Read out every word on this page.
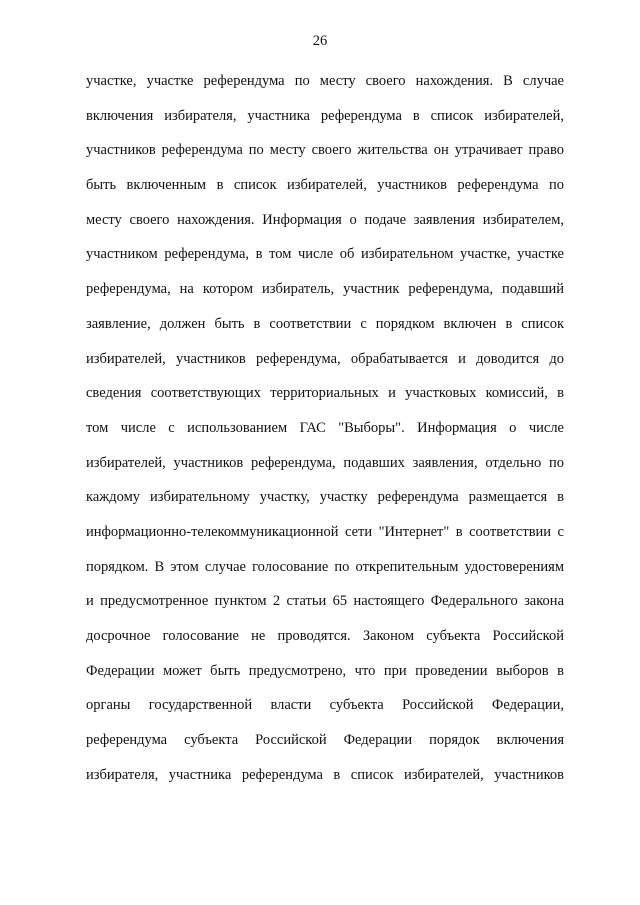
26
участке, участке референдума по месту своего нахождения. В случае
включения избирателя, участника референдума в список избирателей,
участников референдума по месту своего жительства он утрачивает право
быть включенным в список избирателей, участников референдума по
месту своего нахождения. Информация о подаче заявления избирателем,
участником референдума, в том числе об избирательном участке, участке
референдума, на котором избиратель, участник референдума, подавший
заявление, должен быть в соответствии с порядком включен в список
избирателей, участников референдума, обрабатывается и доводится до
сведения соответствующих территориальных и участковых комиссий, в
том числе с использованием ГАС "Выборы". Информация о числе
избирателей, участников референдума, подавших заявления, отдельно по
каждому избирательному участку, участку референдума размещается в
информационно-телекоммуникационной сети "Интернет" в соответствии с
порядком. В этом случае голосование по открепительным удостоверениям
и предусмотренное пунктом 2 статьи 65 настоящего Федерального закона
досрочное голосование не проводятся. Законом субъекта Российской
Федерации может быть предусмотрено, что при проведении выборов в
органы государственной власти субъекта Российской Федерации,
референдума субъекта Российской Федерации порядок включения
избирателя, участника референдума в список избирателей, участников
